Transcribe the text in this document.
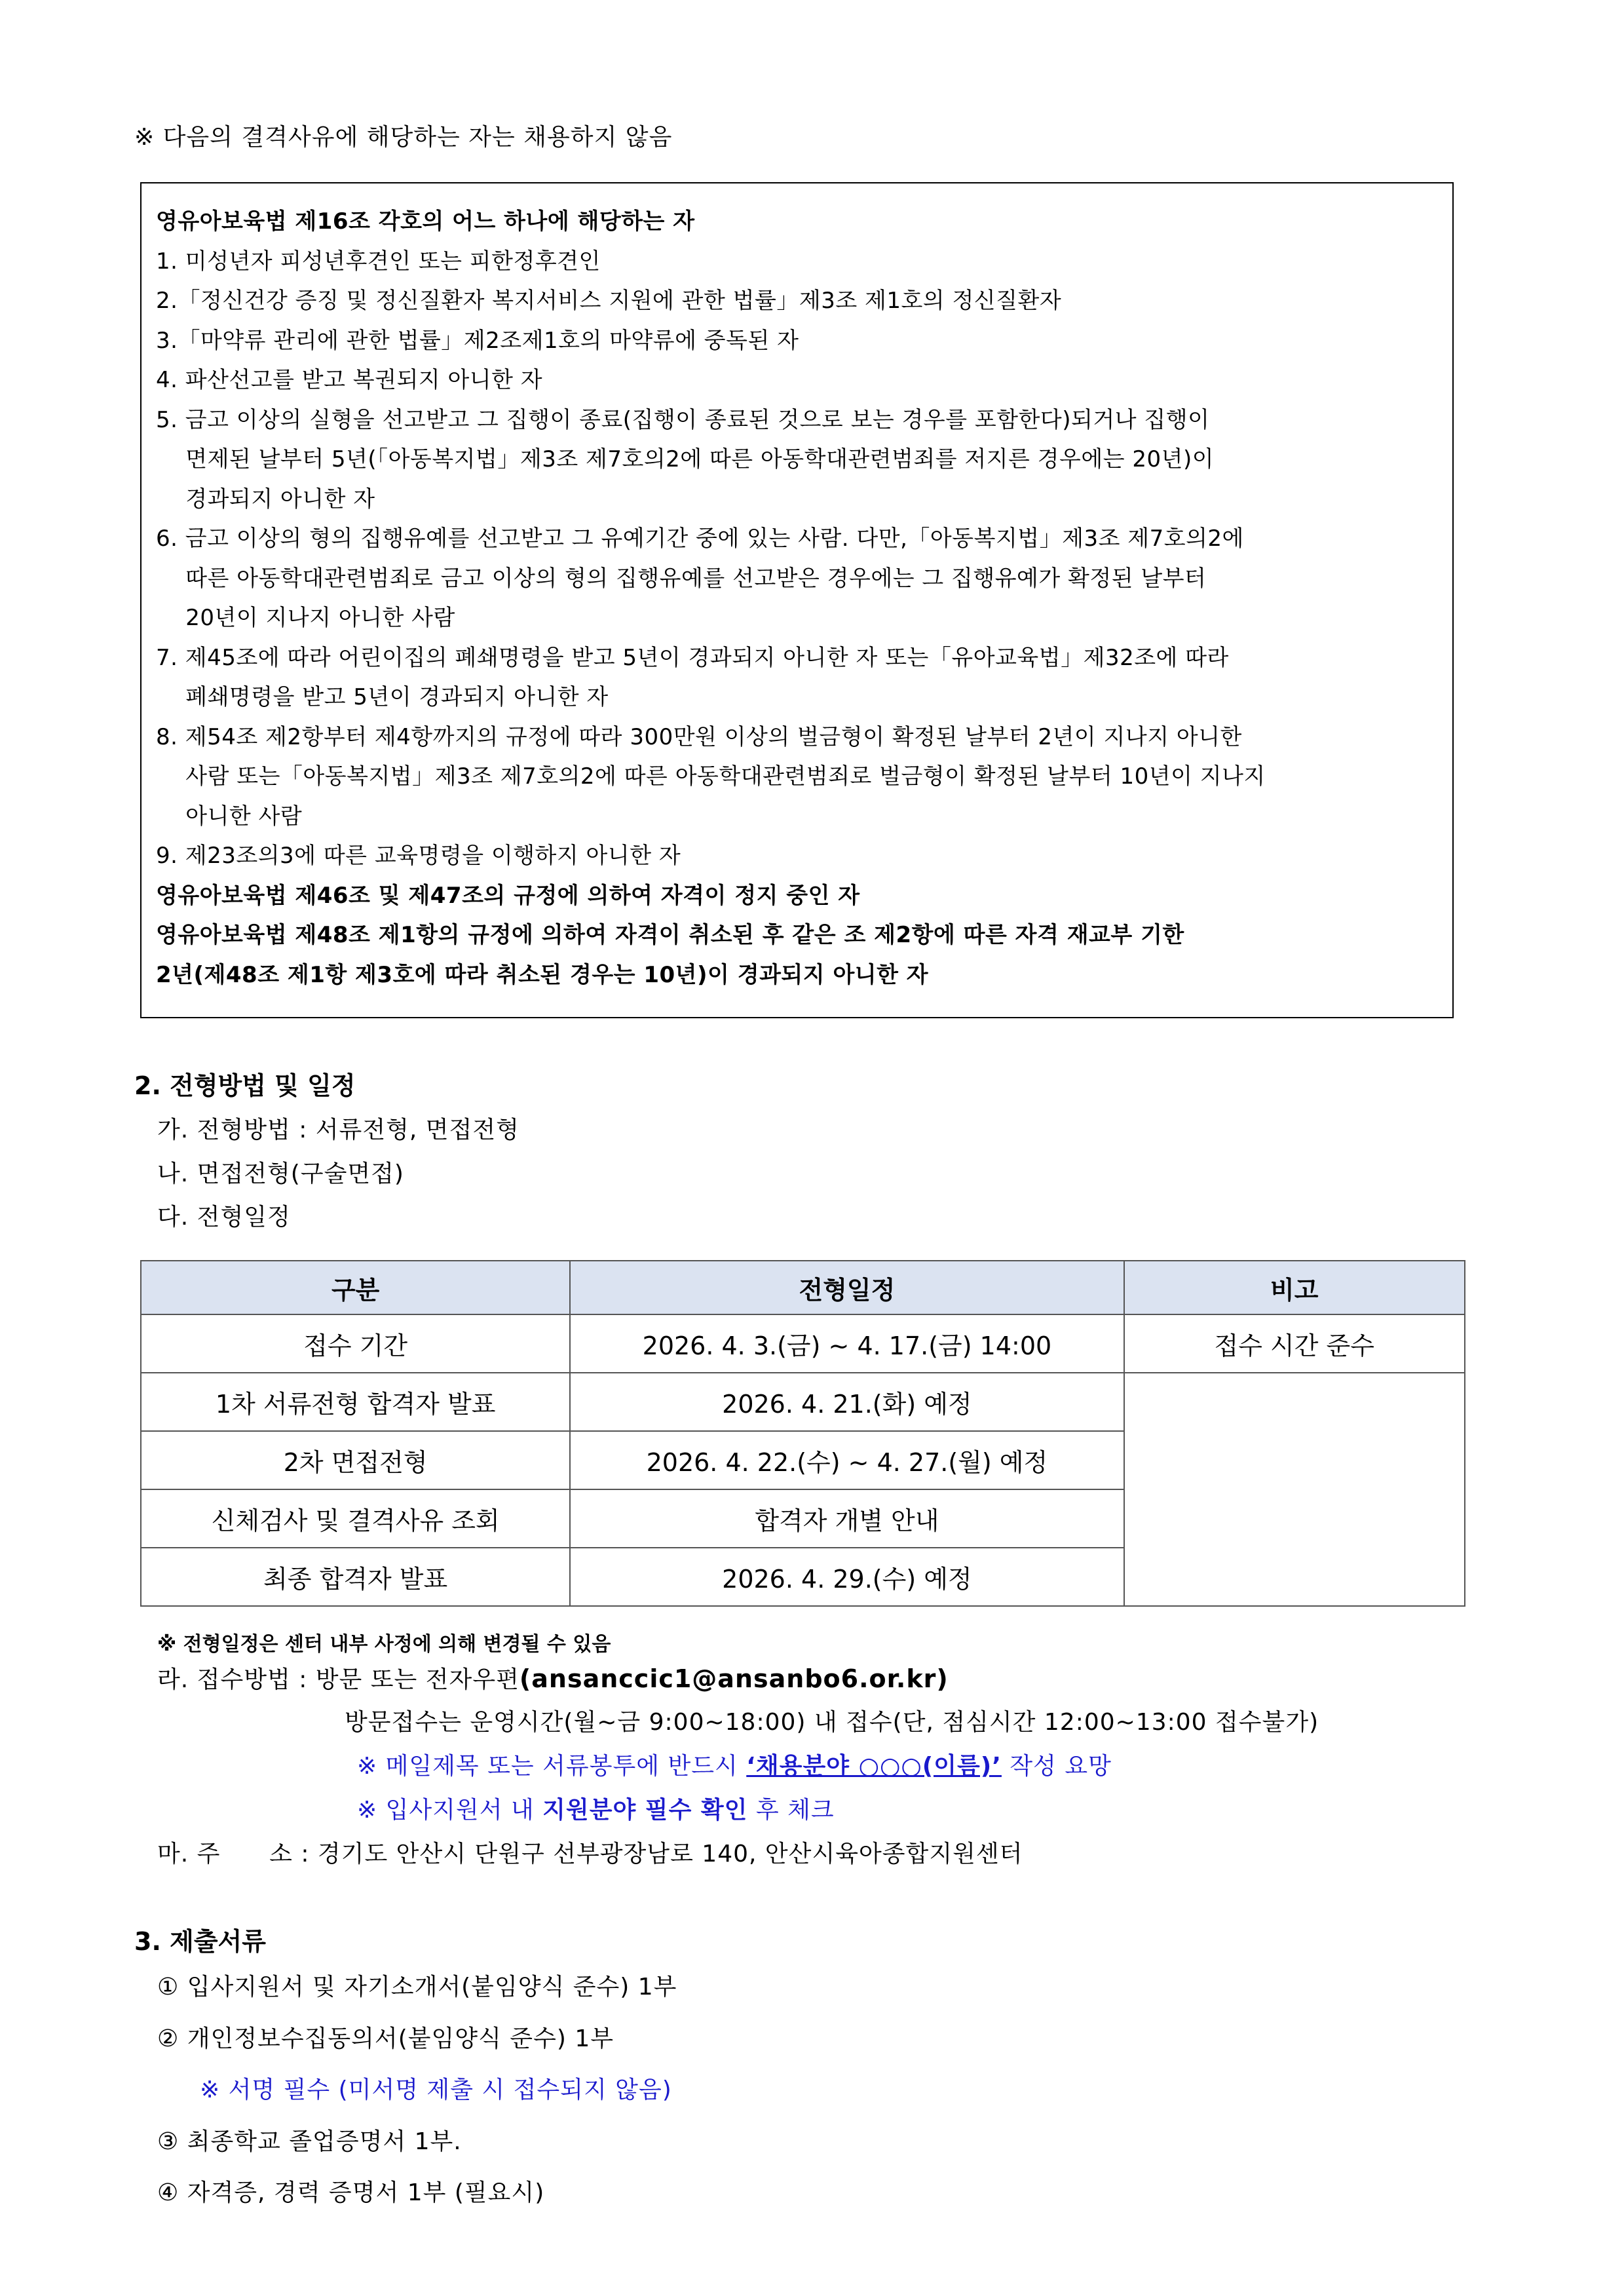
※ 다음의 결격사유에 해당하는 자는 채용하지 않음
영유아보육법 제16조 각호의 어느 하나에 해당하는 자
1. 미성년자 피성년후견인 또는 피한정후견인
2.「정신건강 증징 및 정신질환자 복지서비스 지원에 관한 법률」제3조 제1호의 정신질환자
3.「마약류 관리에 관한 법률」제2조제1호의 마약류에 중독된 자
4. 파산선고를 받고 복권되지 아니한 자
5. 금고 이상의 실형을 선고받고 그 집행이 종료(집행이 종료된 것으로 보는 경우를 포함한다)되거나 집행이
면제된 날부터 5년(「아동복지법」제3조 제7호의2에 따른 아동학대관련범죄를 저지른 경우에는 20년)이
경과되지 아니한 자
6. 금고 이상의 형의 집행유예를 선고받고 그 유예기간 중에 있는 사람. 다만,「아동복지법」제3조 제7호의2에
따른 아동학대관련범죄로 금고 이상의 형의 집행유예를 선고받은 경우에는 그 집행유예가 확정된 날부터
20년이 지나지 아니한 사람
7. 제45조에 따라 어린이집의 폐쇄명령을 받고 5년이 경과되지 아니한 자 또는「유아교육법」제32조에 따라
폐쇄명령을 받고 5년이 경과되지 아니한 자
8. 제54조 제2항부터 제4항까지의 규정에 따라 300만원 이상의 벌금형이 확정된 날부터 2년이 지나지 아니한
사람 또는「아동복지법」제3조 제7호의2에 따른 아동학대관련범죄로 벌금형이 확정된 날부터 10년이 지나지
아니한 사람
9. 제23조의3에 따른 교육명령을 이행하지 아니한 자
영유아보육법 제46조 및 제47조의 규정에 의하여 자격이 정지 중인 자
영유아보육법 제48조 제1항의 규정에 의하여 자격이 취소된 후 같은 조 제2항에 따른 자격 재교부 기한
2년(제48조 제1항 제3호에 따라 취소된 경우는 10년)이 경과되지 아니한 자
2. 전형방법 및 일정
가. 전형방법 : 서류전형, 면접전형
나. 면접전형(구술면접)
다. 전형일정
구분	전형일정	비고
접수 기간	2026. 4. 3.(금) ~ 4. 17.(금) 14:00	접수 시간 준수
1차 서류전형 합격자 발표	2026. 4. 21.(화) 예정	
2차 면접전형	2026. 4. 22.(수) ~ 4. 27.(월) 예정	
신체검사 및 결격사유 조회	합격자 개별 안내	
최종 합격자 발표	2026. 4. 29.(수) 예정	
※ 전형일정은 센터 내부 사정에 의해 변경될 수 있음
라. 접수방법 : 방문 또는 전자우편(ansanccic1@ansanbo6.or.kr)
방문접수는 운영시간(월~금 9:00~18:00) 내 접수(단, 점심시간 12:00~13:00 접수불가)
※ 메일제목 또는 서류봉투에 반드시 ‘채용분야 ○○○(이름)’ 작성 요망
※ 입사지원서 내 지원분야 필수 확인 후 체크
마. 주      소 : 경기도 안산시 단원구 선부광장남로 140, 안산시육아종합지원센터
3. 제출서류
① 입사지원서 및 자기소개서(붙임양식 준수) 1부
② 개인정보수집동의서(붙임양식 준수) 1부
※ 서명 필수 (미서명 제출 시 접수되지 않음)
③ 최종학교 졸업증명서 1부.
④ 자격증, 경력 증명서 1부 (필요시)
